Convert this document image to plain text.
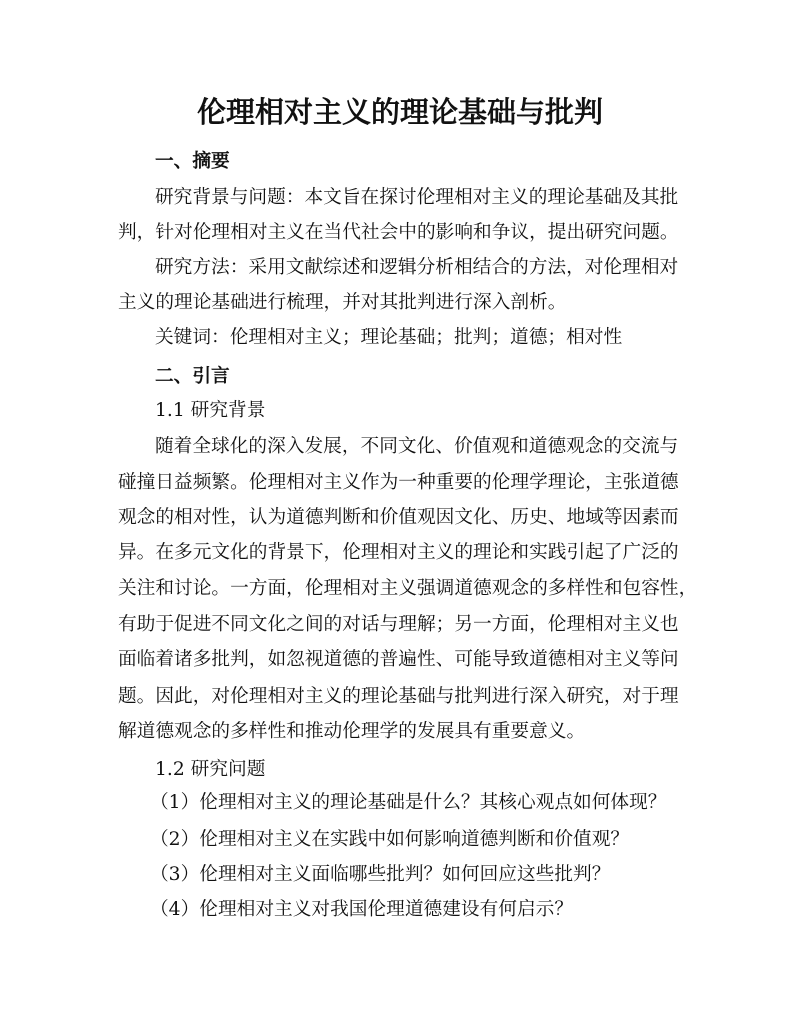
伦理相对主义的理论基础与批判
一、摘要
研究背景与问题：本文旨在探讨伦理相对主义的理论基础及其批
判，针对伦理相对主义在当代社会中的影响和争议，提出研究问题。
研究方法：采用文献综述和逻辑分析相结合的方法，对伦理相对
主义的理论基础进行梳理，并对其批判进行深入剖析。
关键词：伦理相对主义；理论基础；批判；道德；相对性
二、引言
1.1 研究背景
随着全球化的深入发展，不同文化、价值观和道德观念的交流与
碰撞日益频繁。伦理相对主义作为一种重要的伦理学理论，主张道德
观念的相对性，认为道德判断和价值观因文化、历史、地域等因素而
异。在多元文化的背景下，伦理相对主义的理论和实践引起了广泛的
关注和讨论。一方面，伦理相对主义强调道德观念的多样性和包容性，
有助于促进不同文化之间的对话与理解；另一方面，伦理相对主义也
面临着诸多批判，如忽视道德的普遍性、可能导致道德相对主义等问
题。因此，对伦理相对主义的理论基础与批判进行深入研究，对于理
解道德观念的多样性和推动伦理学的发展具有重要意义。
1.2 研究问题
（1）伦理相对主义的理论基础是什么？其核心观点如何体现？
（2）伦理相对主义在实践中如何影响道德判断和价值观？
（3）伦理相对主义面临哪些批判？如何回应这些批判？
（4）伦理相对主义对我国伦理道德建设有何启示？
